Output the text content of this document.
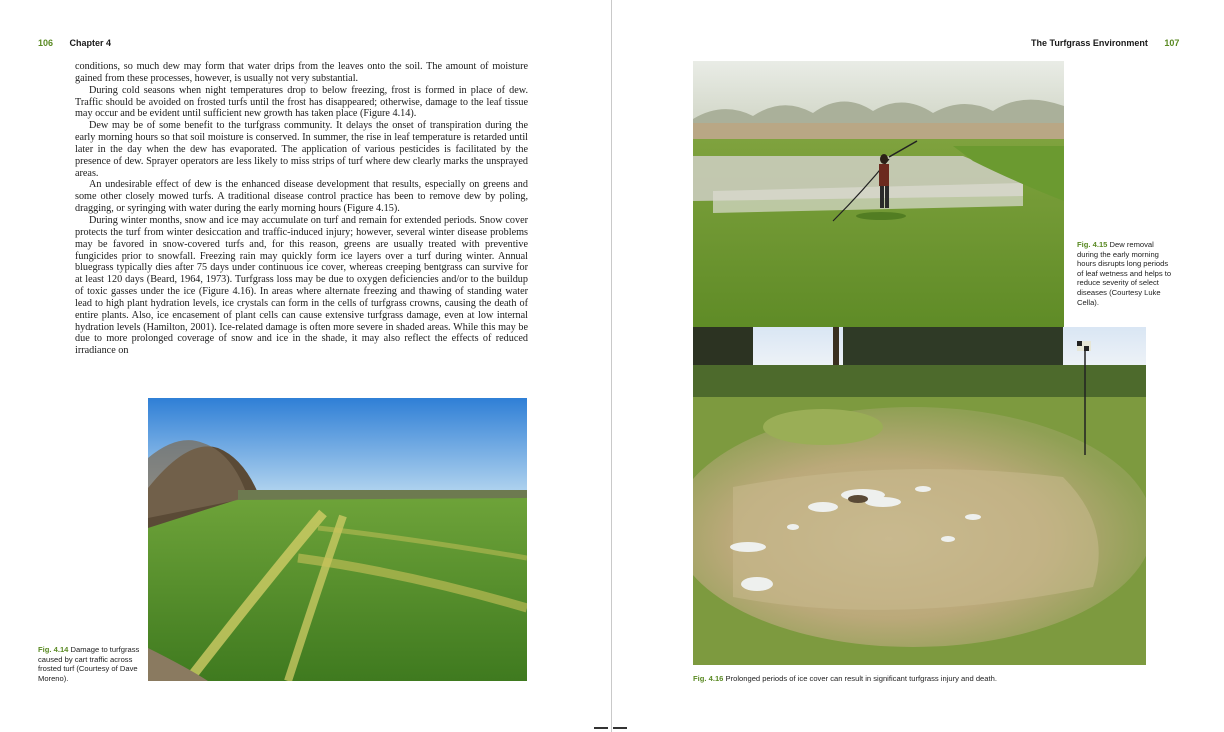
106 Chapter 4

conditions, so much dew may form that water drips from the leaves onto the soil. The amount of moisture gained from these processes, however, is usually not very substantial.

During cold seasons when night temperatures drop to below freezing, frost is formed in place of dew. Traffic should be avoided on frosted turfs until the frost has disappeared; otherwise, damage to the leaf tissue may occur and be evident until sufficient new growth has taken place (Figure 4.14).

Dew may be of some benefit to the turfgrass community. It delays the onset of transpiration during the early morning hours so that soil moisture is conserved. In summer, the rise in leaf temperature is retarded until later in the day when the dew has evaporated. The application of various pesticides is facilitated by the presence of dew. Sprayer operators are less likely to miss strips of turf where dew clearly marks the unsprayed areas.

An undesirable effect of dew is the enhanced disease development that results, especially on greens and some other closely mowed turfs. A traditional disease control practice has been to remove dew by poling, dragging, or syringing with water during the early morning hours (Figure 4.15).

During winter months, snow and ice may accumulate on turf and remain for extended periods. Snow cover protects the turf from winter desiccation and traffic-induced injury; however, several winter disease problems may be favored in snow-covered turfs and, for this reason, greens are usually treated with preventive fungicides prior to snowfall. Freezing rain may quickly form ice layers over a turf during winter. Annual bluegrass typically dies after 75 days under continuous ice cover, whereas creeping bentgrass can survive for at least 120 days (Beard, 1964, 1973). Turfgrass loss may be due to oxygen deficiencies and/or to the buildup of toxic gasses under the ice (Figure 4.16). In areas where alternate freezing and thawing of standing water lead to high plant hydration levels, ice crystals can form in the cells of turfgrass crowns, causing the death of entire plants. Also, ice encasement of plant cells can cause extensive turfgrass damage, even at low internal hydration levels (Hamilton, 2001). Ice-related damage is often more severe in shaded areas. While this may be due to more prolonged coverage of snow and ice in the shade, it may also reflect the effects of reduced irradiance on

Fig. 4.14 Damage to turfgrass caused by cart traffic across frosted turf (Courtesy of Dave Moreno).
The Turfgrass Environment 107
Fig. 4.15 Dew removal during the early morning hours disrupts long periods of leaf wetness and helps to reduce severity of select diseases (Courtesy Luke Cella).
Fig. 4.16 Prolonged periods of ice cover can result in significant turfgrass injury and death.
